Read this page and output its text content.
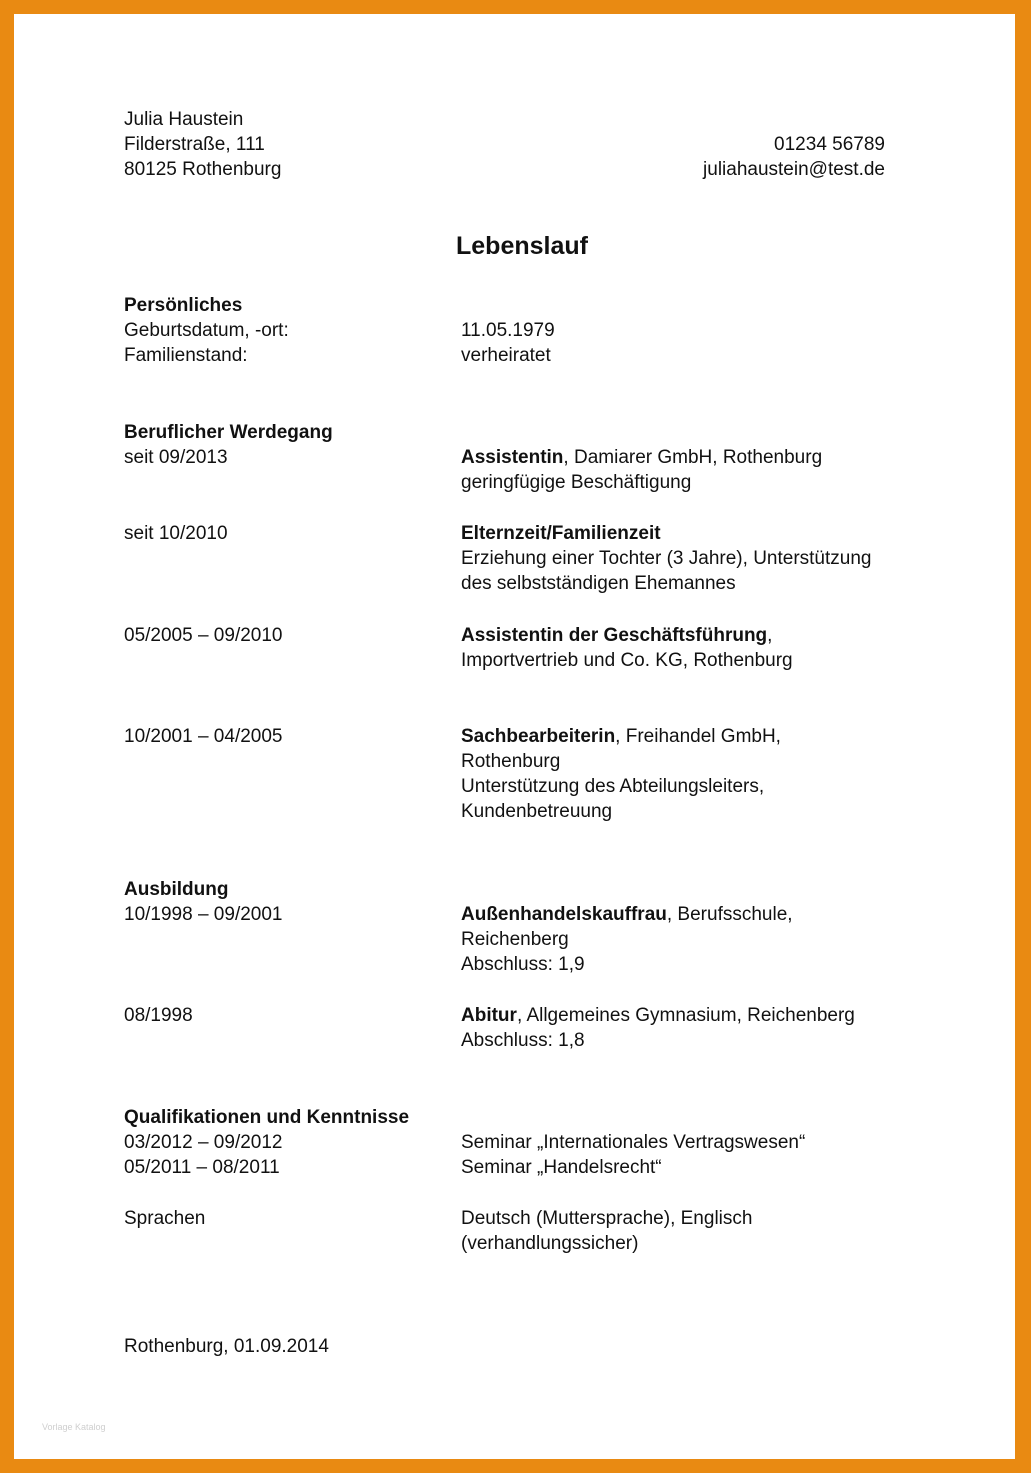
Julia Haustein
Filderstraße, 111
80125 Rothenburg
01234 56789
juliahaustein@test.de
Lebenslauf
Persönliches
Geburtsdatum, -ort:	11.05.1979
Familienstand:	verheiratet
Beruflicher Werdegang
seit 09/2013	Assistentin, Damiarer GmbH, Rothenburg
geringfügige Beschäftigung
seit 10/2010	Elternzeit/Familienzeit
Erziehung einer Tochter (3 Jahre), Unterstützung
des selbstständigen Ehemannes
05/2005 – 09/2010	Assistentin der Geschäftsführung,
Importvertrieb und Co. KG, Rothenburg
10/2001 – 04/2005	Sachbearbeiterin, Freihandel GmbH,
Rothenburg
Unterstützung des Abteilungsleiters,
Kundenbetreuung
Ausbildung
10/1998 – 09/2001	Außenhandelskauffrau, Berufsschule,
Reichenberg
Abschluss: 1,9
08/1998	Abitur, Allgemeines Gymnasium, Reichenberg
Abschluss: 1,8
Qualifikationen und Kenntnisse
03/2012 – 09/2012	Seminar „Internationales Vertragswesen“
05/2011 – 08/2011	Seminar „Handelsrecht“
Sprachen	Deutsch (Muttersprache), Englisch
(verhandlungssicher)
Rothenburg, 01.09.2014
Vorlage Katalog
